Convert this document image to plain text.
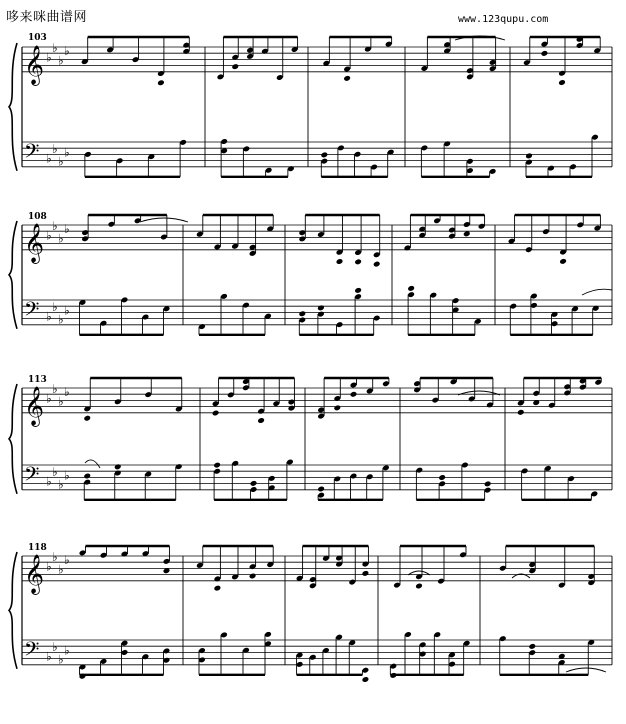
哆来咪曲谱网	www.123qupu.com
103
108
113
118
𝄞 ♭
♭
♭
♭
𝄢 ♭
♭
♭
♭
𝄞 ♭
♭
♭
♭
𝄢 ♭
♭
♭
♭
𝄞 ♭
♭
♭
♭
𝄢 ♭
♭
♭
♭
𝄞 ♭
♭
♭
♭
𝄢 ♭
♭
♭
♭
